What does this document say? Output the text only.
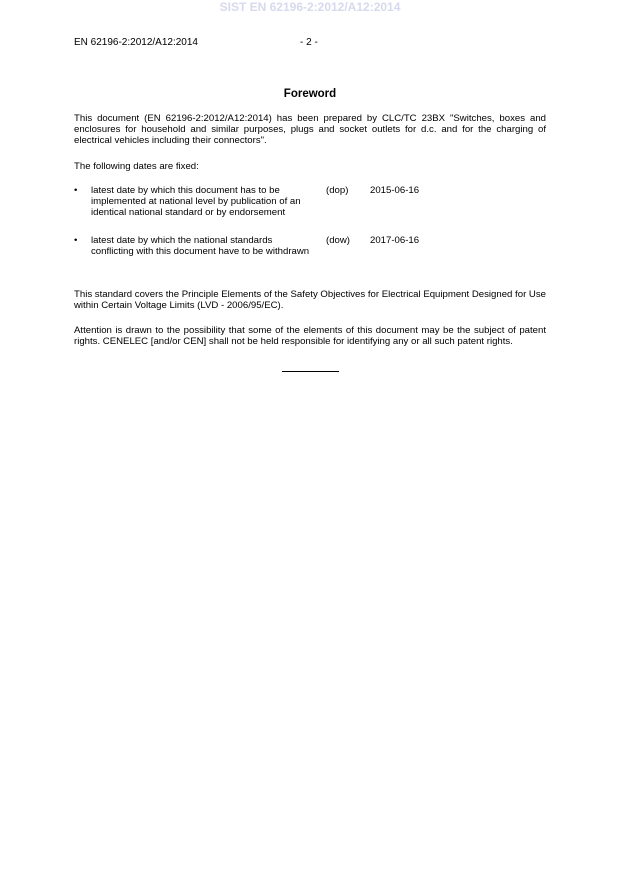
SIST EN 62196-2:2012/A12:2014
EN 62196-2:2012/A12:2014	- 2 -
Foreword

This document (EN 62196-2:2012/A12:2014) has been prepared by CLC/TC 23BX "Switches, boxes and enclosures for household and similar purposes, plugs and socket outlets for d.c. and for the charging of electrical vehicles including their connectors".

The following dates are fixed:

• latest date by which this document has to be implemented at national level by publication of an identical national standard or by endorsement
(dop) 2015-06-16
• latest date by which the national standards conflicting with this document have to be withdrawn
(dow) 2017-06-16

This standard covers the Principle Elements of the Safety Objectives for Electrical Equipment Designed for Use within Certain Voltage Limits (LVD - 2006/95/EC).

Attention is drawn to the possibility that some of the elements of this document may be the subject of patent rights. CENELEC [and/or CEN] shall not be held responsible for identifying any or all such patent rights.
